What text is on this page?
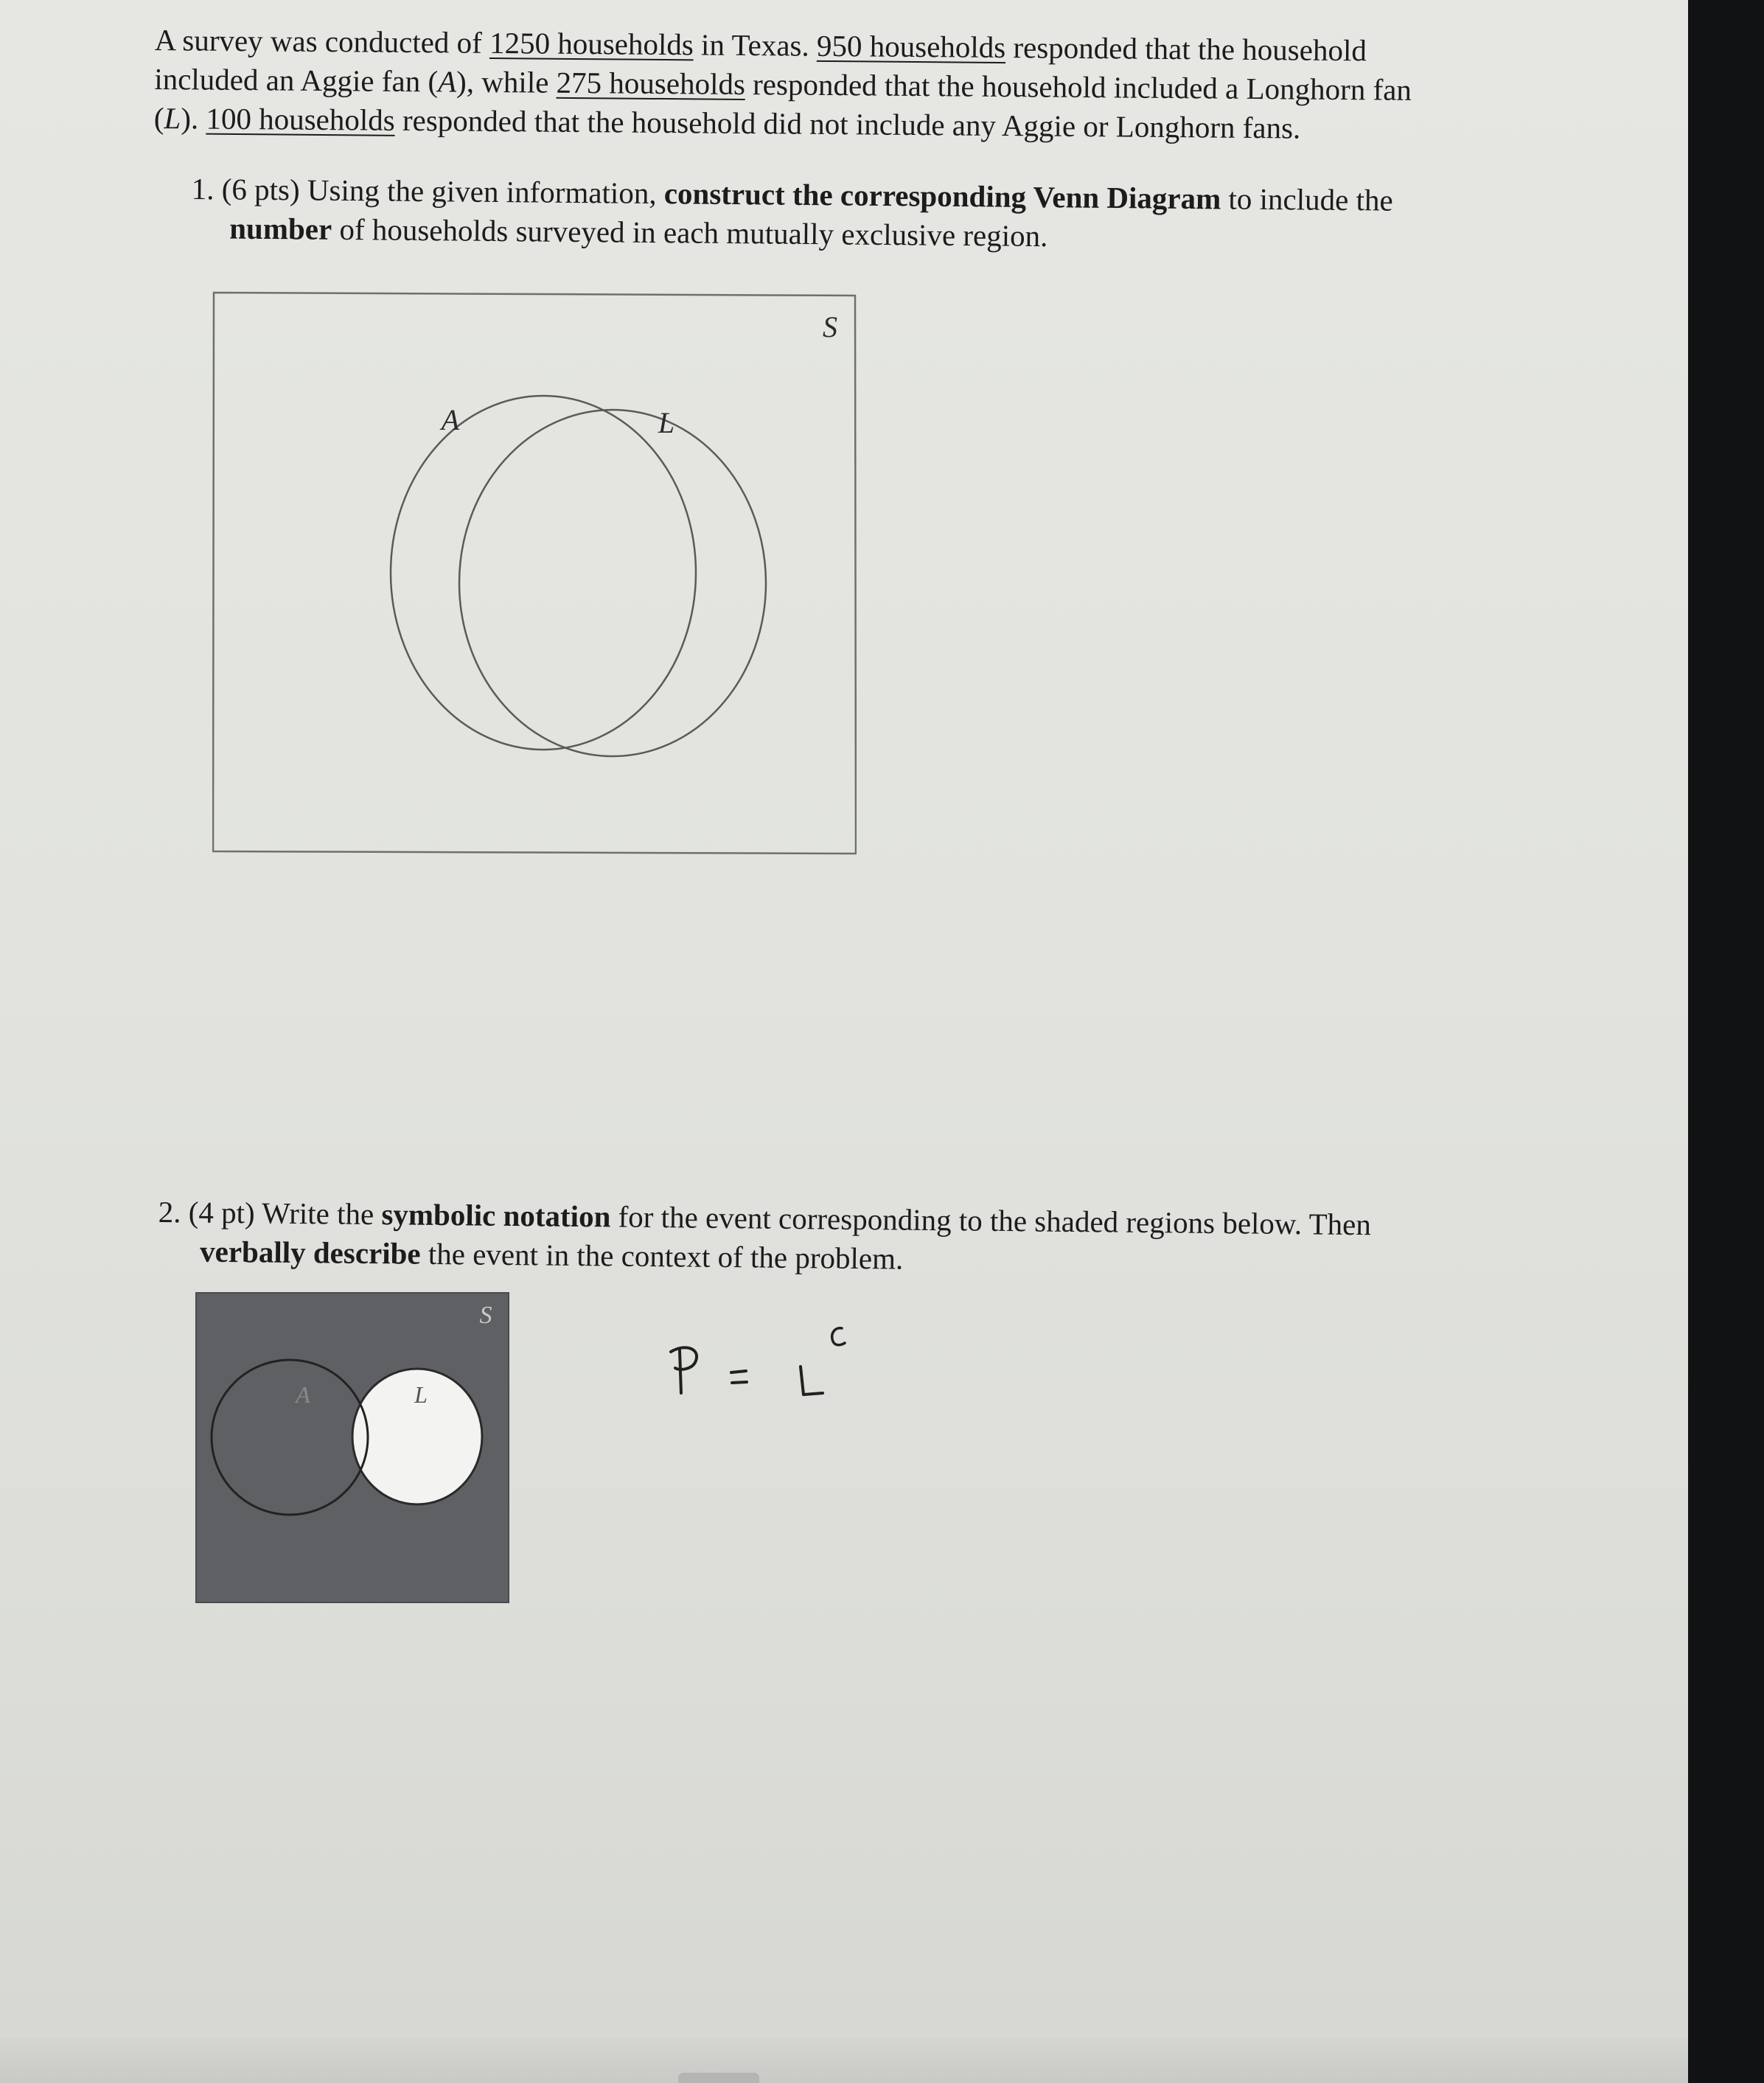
A survey was conducted of 1250 households in Texas. 950 households responded that the household
included an Aggie fan (A), while 275 households responded that the household included a Longhorn fan
(L). 100 households responded that the household did not include any Aggie or Longhorn fans.
1. (6 pts) Using the given information, construct the corresponding Venn Diagram to include the
number of households surveyed in each mutually exclusive region.
S
A	L
2. (4 pt) Write the symbolic notation for the event corresponding to the shaded regions below. Then
verbally describe the event in the context of the problem.
S
A	L
